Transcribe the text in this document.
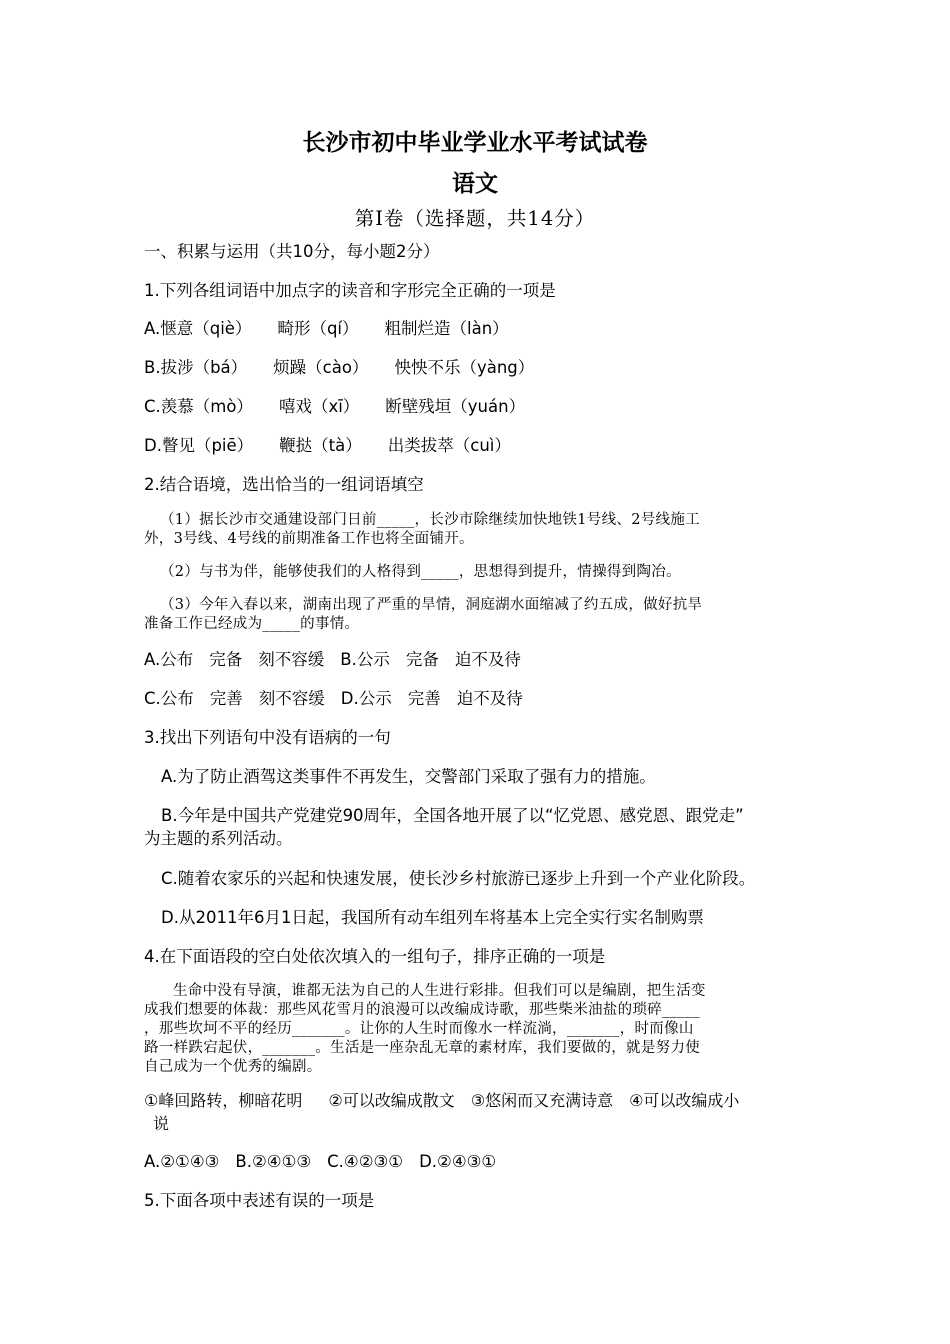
长沙市初中毕业学业水平考试试卷
语文
第Ⅰ卷（选择题，共14分）
一、积累与运用（共10分，每小题2分）
1.下列各组词语中加点字的读音和字形完全正确的一项是
A.惬意（qiè） 畸形（qí） 粗制烂造（làn）
B.拔涉（bá） 烦躁（cào） 怏怏不乐（yàng）
C.羡慕（mò） 嘻戏（xī） 断壁残垣（yuán）
D.瞥见（piē） 鞭挞（tà） 出类拔萃（cuì）
2.结合语境，选出恰当的一组词语填空
（1）据长沙市交通建设部门日前_____，长沙市除继续加快地铁1号线、2号线施工
外，3号线、4号线的前期准备工作也将全面铺开。
（2）与书为伴，能够使我们的人格得到_____，思想得到提升，情操得到陶冶。
（3）今年入春以来，湖南出现了严重的旱情，洞庭湖水面缩减了约五成，做好抗旱
准备工作已经成为_____的事情。
A.公布 完备 刻不容缓 B.公示 完备 迫不及待
C.公布 完善 刻不容缓 D.公示 完善 迫不及待
3.找出下列语句中没有语病的一句
A.为了防止酒驾这类事件不再发生，交警部门采取了强有力的措施。
B.今年是中国共产党建党90周年，全国各地开展了以“忆党恩、感党恩、跟党走”
为主题的系列活动。
C.随着农家乐的兴起和快速发展，使长沙乡村旅游已逐步上升到一个产业化阶段。
D.从2011年6月1日起，我国所有动车组列车将基本上完全实行实名制购票
4.在下面语段的空白处依次填入的一组句子，排序正确的一项是
生命中没有导演，谁都无法为自己的人生进行彩排。但我们可以是编剧，把生活变
成我们想要的体裁：那些风花雪月的浪漫可以改编成诗歌，那些柴米油盐的琐碎_____
，那些坎坷不平的经历_______。让你的人生时而像水一样流淌，_______，时而像山
路一样跌宕起伏，_______。生活是一座杂乱无章的素材库，我们要做的，就是努力使
自己成为一个优秀的编剧。
①峰回路转，柳暗花明 ②可以改编成散文 ③悠闲而又充满诗意 ④可以改编成小
说
A.②①④③ B.②④①③ C.④②③① D.②④③①
5.下面各项中表述有误的一项是
